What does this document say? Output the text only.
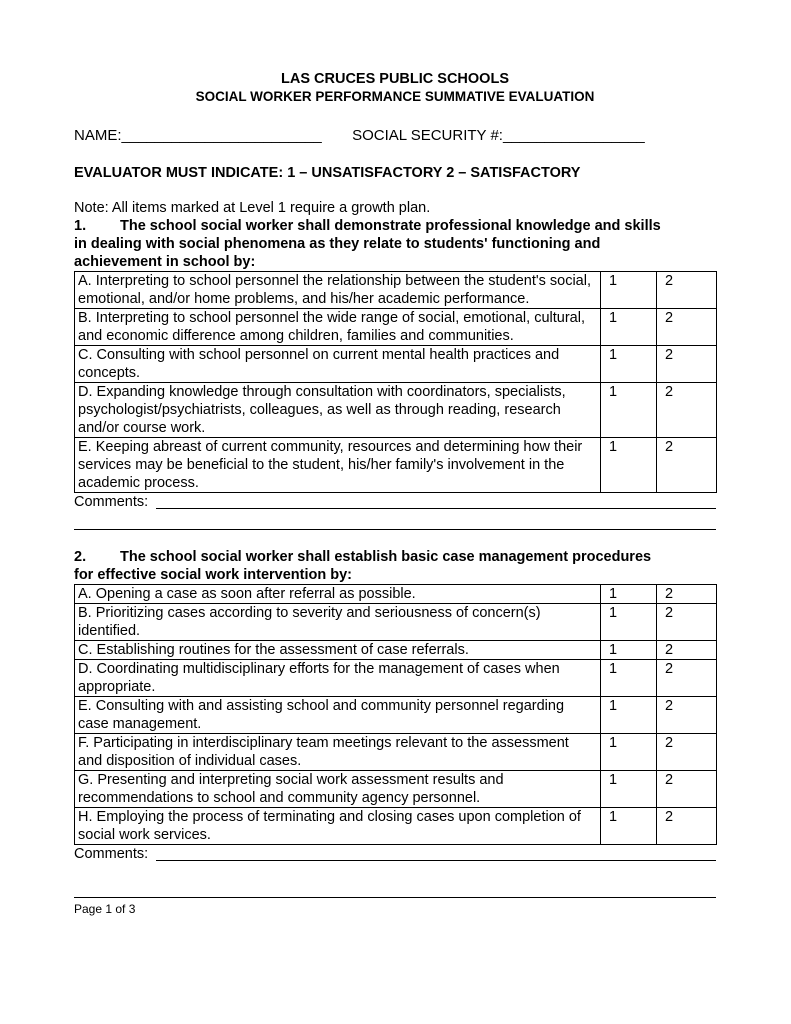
LAS CRUCES PUBLIC SCHOOLS
SOCIAL WORKER PERFORMANCE SUMMATIVE EVALUATION
NAME:________________________ SOCIAL SECURITY #:_________________
EVALUATOR MUST INDICATE: 1 – UNSATISFACTORY 2 – SATISFACTORY
Note: All items marked at Level 1 require a growth plan.
1. The school social worker shall demonstrate professional knowledge and skills
in dealing with social phenomena as they relate to students' functioning and
achievement in school by:
A. Interpreting to school personnel the relationship between the student's social, emotional, and/or home problems, and his/her academic performance.	1	2
B. Interpreting to school personnel the wide range of social, emotional, cultural, and economic difference among children, families and communities.	1	2
C. Consulting with school personnel on current mental health practices and concepts.	1	2
D. Expanding knowledge through consultation with coordinators, specialists, psychologist/psychiatrists, colleagues, as well as through reading, research and/or course work.	1	2
E. Keeping abreast of current community, resources and determining how their services may be beneficial to the student, his/her family's involvement in the academic process.	1	2
Comments:
2. The school social worker shall establish basic case management procedures
for effective social work intervention by:
A. Opening a case as soon after referral as possible.	1	2
B. Prioritizing cases according to severity and seriousness of concern(s) identified.	1	2
C. Establishing routines for the assessment of case referrals.	1	2
D. Coordinating multidisciplinary efforts for the management of cases when appropriate.	1	2
E. Consulting with and assisting school and community personnel regarding case management.	1	2
F. Participating in interdisciplinary team meetings relevant to the assessment and disposition of individual cases.	1	2
G. Presenting and interpreting social work assessment results and recommendations to school and community agency personnel.	1	2
H. Employing the process of terminating and closing cases upon completion of social work services.	1	2
Comments:
Page 1 of 3
